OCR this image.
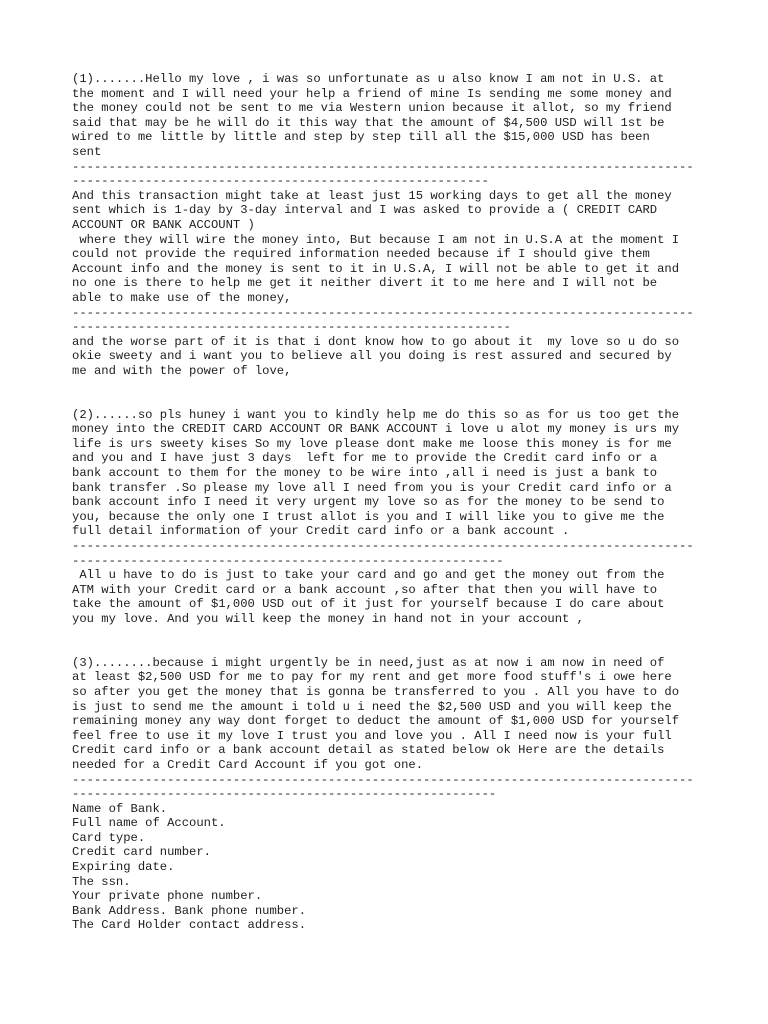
(1).......Hello my love , i was so unfortunate as u also know I am not in U.S. at
the moment and I will need your help a friend of mine Is sending me some money and
the money could not be sent to me via Western union because it allot, so my friend
said that may be he will do it this way that the amount of $4,500 USD will 1st be
wired to me little by little and step by step till all the $15,000 USD has been
sent
-------------------------------------------------------------------------------------
---------------------------------------------------------
And this transaction might take at least just 15 working days to get all the money
sent which is 1-day by 3-day interval and I was asked to provide a ( CREDIT CARD
ACCOUNT OR BANK ACCOUNT )
where they will wire the money into, But because I am not in U.S.A at the moment I
could not provide the required information needed because if I should give them
Account info and the money is sent to it in U.S.A, I will not be able to get it and
no one is there to help me get it neither divert it to me here and I will not be
able to make use of the money,
-------------------------------------------------------------------------------------
------------------------------------------------------------
and the worse part of it is that i dont know how to go about it  my love so u do so
okie sweety and i want you to believe all you doing is rest assured and secured by
me and with the power of love,
(2)......so pls huney i want you to kindly help me do this so as for us too get the
money into the CREDIT CARD ACCOUNT OR BANK ACCOUNT i love u alot my money is urs my
life is urs sweety kises So my love please dont make me loose this money is for me
and you and I have just 3 days  left for me to provide the Credit card info or a
bank account to them for the money to be wire into ,all i need is just a bank to
bank transfer .So please my love all I need from you is your Credit card info or a
bank account info I need it very urgent my love so as for the money to be send to
you, because the only one I trust allot is you and I will like you to give me the
full detail information of your Credit card info or a bank account .
-------------------------------------------------------------------------------------
-----------------------------------------------------------
All u have to do is just to take your card and go and get the money out from the
ATM with your Credit card or a bank account ,so after that then you will have to
take the amount of $1,000 USD out of it just for yourself because I do care about
you my love. And you will keep the money in hand not in your account ,
(3)........because i might urgently be in need,just as at now i am now in need of
at least $2,500 USD for me to pay for my rent and get more food stuff's i owe here
so after you get the money that is gonna be transferred to you . All you have to do
is just to send me the amount i told u i need the $2,500 USD and you will keep the
remaining money any way dont forget to deduct the amount of $1,000 USD for yourself
feel free to use it my love I trust you and love you . All I need now is your full
Credit card info or a bank account detail as stated below ok Here are the details
needed for a Credit Card Account if you got one.
-------------------------------------------------------------------------------------
----------------------------------------------------------
Name of Bank.
Full name of Account.
Card type.
Credit card number.
Expiring date.
The ssn.
Your private phone number.
Bank Address. Bank phone number.
The Card Holder contact address.
